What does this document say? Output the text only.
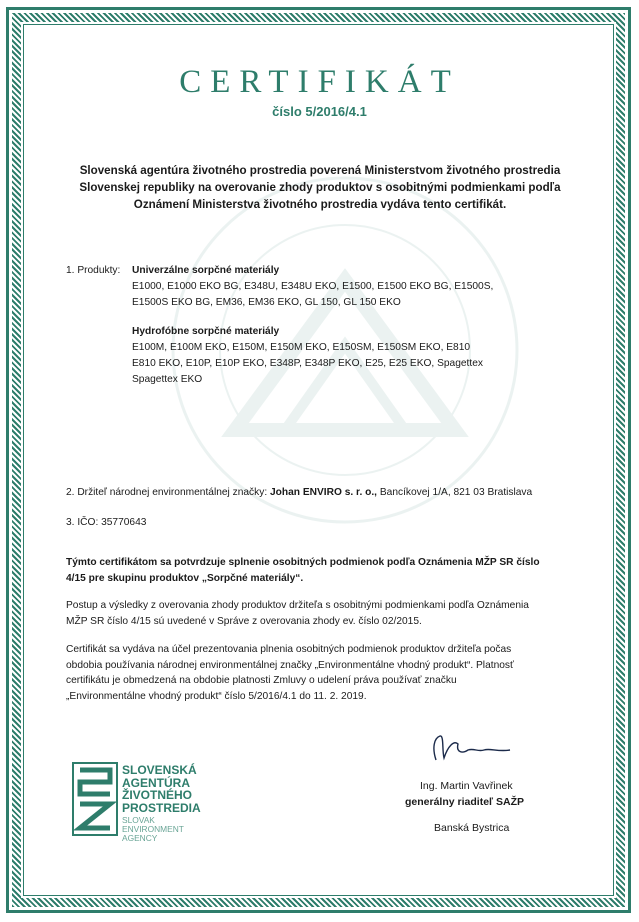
CERTIFIKÁT
číslo 5/2016/4.1
Slovenská agentúra životného prostredia poverená Ministerstvom životného prostredia
Slovenskej republiky na overovanie zhody produktov s osobitnými podmienkami podľa
Oznámení Ministerstva životného prostredia vydáva tento certifikát.
1. Produkty: Univerzálne sorpčné materiály
E1000, E1000 EKO BG, E348U, E348U EKO, E1500, E1500 EKO BG, E1500S,
E1500S EKO BG, EM36, EM36 EKO, GL 150, GL 150 EKO
Hydrofóbne sorpčné materiály
E100M, E100M EKO, E150M, E150M EKO, E150SM, E150SM EKO, E810
E810 EKO, E10P, E10P EKO, E348P, E348P EKO, E25, E25 EKO, Spagettex
Spagettex EKO
2. Držiteľ národnej environmentálnej značky: Johan ENVIRO s. r. o., Bancíkovej 1/A, 821 03 Bratislava
3. IČO: 35770643
Týmto certifikátom sa potvrdzuje splnenie osobitných podmienok podľa Oznámenia MŽP SR číslo
4/15 pre skupinu produktov „Sorpčné materiály“.
Postup a výsledky z overovania zhody produktov držiteľa s osobitnými podmienkami podľa Oznámenia
MŽP SR číslo 4/15 sú uvedené v Správe z overovania zhody ev. číslo 02/2015.
Certifikát sa vydáva na účel prezentovania plnenia osobitných podmienok produktov držiteľa počas
obdobia používania národnej environmentálnej značky „Environmentálne vhodný produkt“. Platnosť
certifikátu je obmedzená na obdobie platnosti Zmluvy o udelení práva používať značku
„Environmentálne vhodný produkt“ číslo 5/2016/4.1 do 11. 2. 2019.
SLOVENSKÁ
AGENTÚRA
ŽIVOTNÉHO
PROSTREDIA
SLOVAK
ENVIRONMENT
AGENCY
Ing. Martin Vavřinek
generálny riaditeľ SAŽP
Banská Bystrica
